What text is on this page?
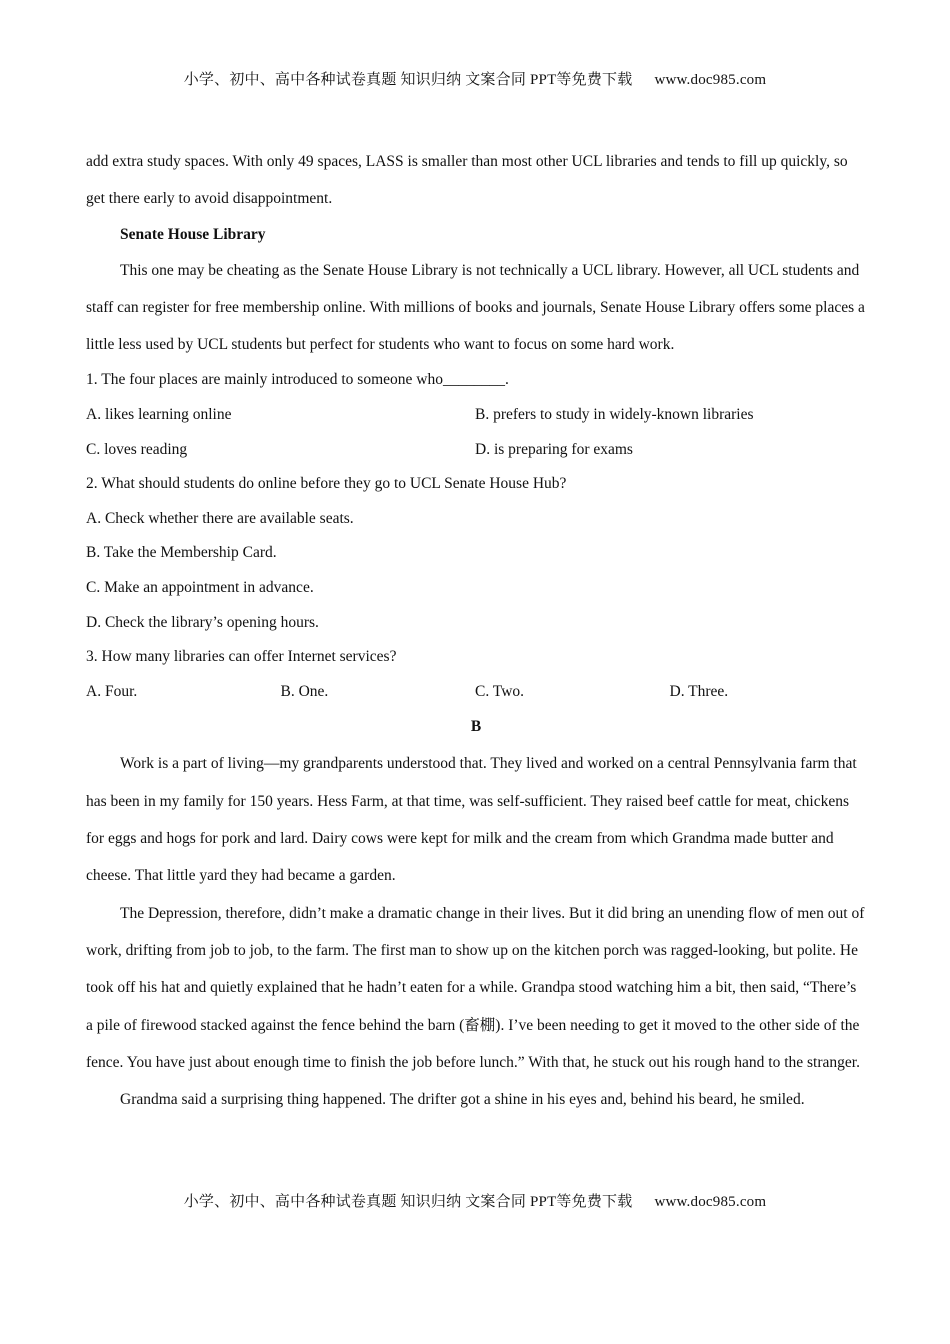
小学、初中、高中各种试卷真题 知识归纳 文案合同 PPT等免费下载 www.doc985.com

add extra study spaces. With only 49 spaces, LASS is smaller than most other UCL libraries and tends to fill up quickly, so get there early to avoid disappointment.

Senate House Library

This one may be cheating as the Senate House Library is not technically a UCL library. However, all UCL students and staff can register for free membership online. With millions of books and journals, Senate House Library offers some places a little less used by UCL students but perfect for students who want to focus on some hard work.

1. The four places are mainly introduced to someone who________.

A. likes learning online	B. prefers to study in widely-known libraries
C. loves reading	D. is preparing for exams

2. What should students do online before they go to UCL Senate House Hub?

A. Check whether there are available seats.

B. Take the Membership Card.

C. Make an appointment in advance.

D. Check the library’s opening hours.

3. How many libraries can offer Internet services?

A. Four.	B. One.	C. Two.	D. Three.

B

Work is a part of living—my grandparents understood that. They lived and worked on a central Pennsylvania farm that has been in my family for 150 years. Hess Farm, at that time, was self-sufficient. They raised beef cattle for meat, chickens for eggs and hogs for pork and lard. Dairy cows were kept for milk and the cream from which Grandma made butter and cheese. That little yard they had became a garden.

The Depression, therefore, didn’t make a dramatic change in their lives. But it did bring an unending flow of men out of work, drifting from job to job, to the farm. The first man to show up on the kitchen porch was ragged-looking, but polite. He took off his hat and quietly explained that he hadn’t eaten for a while. Grandpa stood watching him a bit, then said, “There’s a pile of firewood stacked against the fence behind the barn (畜棚). I’ve been needing to get it moved to the other side of the fence. You have just about enough time to finish the job before lunch.” With that, he stuck out his rough hand to the stranger.

Grandma said a surprising thing happened. The drifter got a shine in his eyes and, behind his beard, he smiled.

小学、初中、高中各种试卷真题 知识归纳 文案合同 PPT等免费下载 www.doc985.com
